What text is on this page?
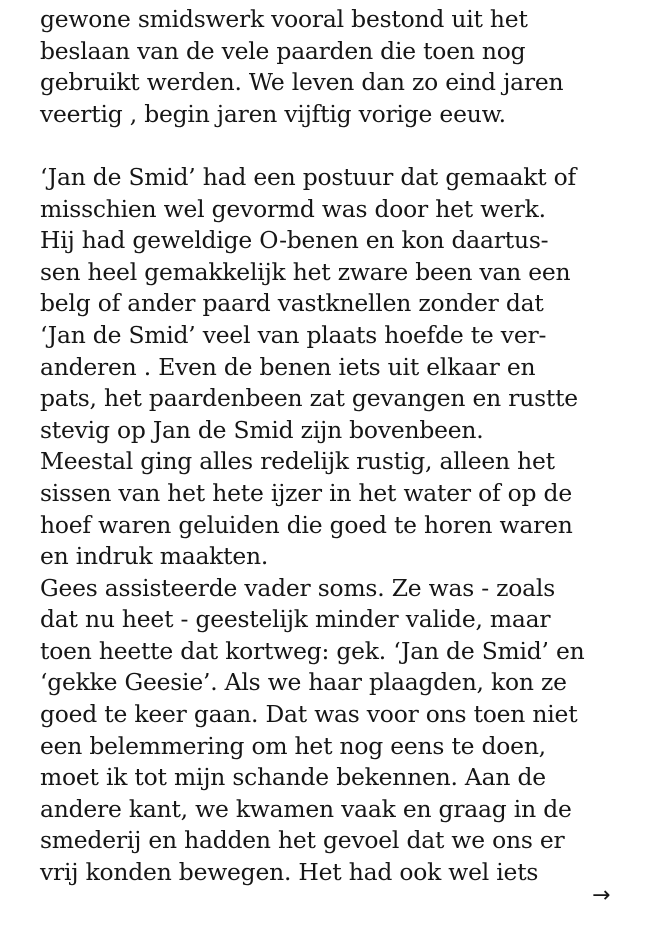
gewone smidswerk vooral bestond uit het
beslaan van de vele paarden die toen nog
gebruikt werden. We leven dan zo eind jaren
veertig , begin jaren vijftig vorige eeuw.
‘Jan de Smid’ had een postuur dat gemaakt of
misschien wel gevormd was door het werk.
Hij had geweldige O-benen en kon daartus-
sen heel gemakkelijk het zware been van een
belg of ander paard vastknellen zonder dat
‘Jan de Smid’ veel van plaats hoefde te ver-
anderen . Even de benen iets uit elkaar en
pats, het paardenbeen zat gevangen en rustte
stevig op Jan de Smid zijn bovenbeen.
Meestal ging alles redelijk rustig, alleen het
sissen van het hete ijzer in het water of op de
hoef waren geluiden die goed te horen waren
en indruk maakten.
Gees assisteerde vader soms. Ze was - zoals
dat nu heet - geestelijk minder valide, maar
toen heette dat kortweg: gek. ‘Jan de Smid’ en
‘gekke Geesie’. Als we haar plaagden, kon ze
goed te keer gaan. Dat was voor ons toen niet
een belemmering om het nog eens te doen,
moet ik tot mijn schande bekennen. Aan de
andere kant, we kwamen vaak en graag in de
smederij en hadden het gevoel dat we ons er
vrij konden bewegen. Het had ook wel iets
→
